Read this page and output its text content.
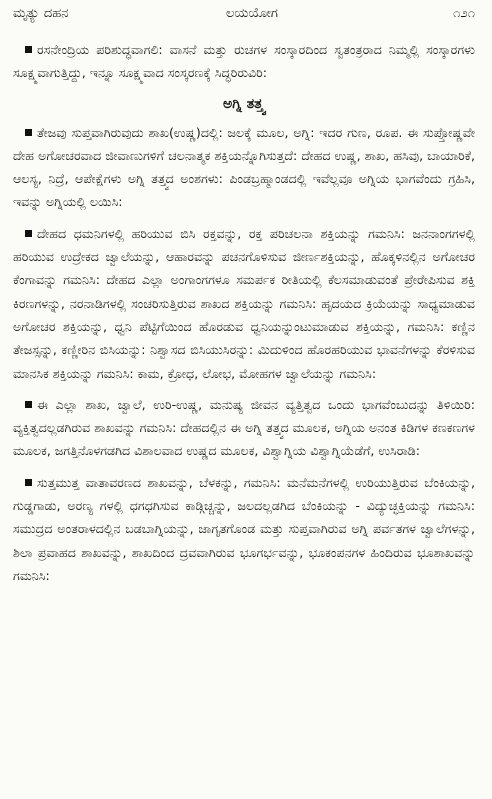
ಮೃತ್ಯು ದಹನ	ಲಯಯೋಗ	೧೨೧

ರಸನೇಂದ್ರಿಯ ಪರಿಶುದ್ಧವಾಗಲಿ: ವಾಸನೆ ಮತ್ತು ರುಚಗಳ ಸಂಸ್ಕಾರದಿಂದ ಸ್ವತಂತ್ರರಾದ ನಿಮ್ಮಲ್ಲಿ ಸಂಸ್ಕಾರಗಳು ಸೂಕ್ಷ್ಮವಾಗುತ್ತಿದ್ದು, ಇನ್ನೂ ಸೂಕ್ಷ್ಮವಾದ ಸಂಸ್ಕರಣಕ್ಕೆ ಸಿದ್ಧರಿರುವಿರಿ:

ಅಗ್ನಿ ತತ್ತ್ವ

ತೇಜವು ಸುಪ್ತವಾಗಿರುವುದು ಶಾಖ(ಉಷ್ಣ)ದಲ್ಲಿ: ಜಲಕ್ಕೆ ಮೂಲ, ಅಗ್ನಿ: ಇದರ ಗುಣ, ರೂಪ. ಈ ಸುಪ್ತೋಷ್ಣವೇ ದೇಹ ಅಗೋಚರವಾದ ಜೀವಾಣುಗಳಿಗೆ ಚಲನಾತ್ಮಕ ಶಕ್ತಿಯನ್ನೊಗಿಸುತ್ತದೆ: ದೇಹದ ಉಷ್ಣ, ಶಾಖ, ಹಸಿವು, ಬಾಯಾರಿಕೆ, ಆಲಸ್ಯ, ನಿದ್ರೆ, ಆಪೇಕ್ಷೆಗಳು ಅಗ್ನಿ ತತ್ತ್ವದ ಅಂಶಗಳು: ಪಿಂಡಬ್ರಹ್ಮಾಂಡದಲ್ಲಿ ಇವೆಲ್ಲವೂ ಅಗ್ನಿಯ ಭಾಗವೆಂದು ಗ್ರಹಿಸಿ, ಇವನ್ನು ಅಗ್ನಿಯಲ್ಲಿ ಲಯಿಸಿ:

ದೇಹದ ಧಮನಿಗಳಲ್ಲಿ ಹರಿಯುವ ಬಿಸಿ ರಕ್ತವನ್ನು, ರಕ್ತ ಪರಿಚಲನಾ ಶಕ್ತಿಯನ್ನು ಗಮನಿಸಿ: ಜನನಾಂಗಗಳಲ್ಲಿ ಹರಿಯುವ ಉದ್ರೇಕದ ಜ್ವಾಲೆಯನ್ನು, ಆಹಾರವನ್ನು ಪಚನಗೊಳಿಸುವ ಜೀರ್ಣಶಕ್ತಿಯನ್ನು, ಹೊಕ್ಕಳಿನಲ್ಲಿನ ಅಗೋಚರ ಕೆಂಗಾವನ್ನು ಗಮನಿಸಿ: ದೇಹದ ಎಲ್ಲಾ ಅಂಗಾಂಗಗಳೂ ಸಮರ್ಪಕ ರೀತಿಯಲ್ಲಿ ಕೆಲಸಮಾಡುವಂತೆ ಪ್ರೇರೇಪಿಸುವ ಶಕ್ತಿ ಕಿರಣಗಳನ್ನು, ನರನಾಡಿಗಳಲ್ಲಿ ಸಂಚರಿಸುತ್ತಿರುವ ಶಾಖದ ಶಕ್ತಿಯನ್ನು ಗಮನಿಸಿ: ಹೃದಯದ ಕ್ರಿಯೆಯನ್ನು ಸಾಧ್ಯಮಾಡುವ ಅಗೋಚರ ಶಕ್ತಿಯನ್ನು, ಧ್ವನಿ ಪೆಟ್ಟಿಗೆಯಿಂದ ಹೊರಡುವ ಧ್ವನಿಯನ್ನುಂಟುಮಾಡುವ ಶಕ್ತಿಯನ್ನು, ಗಮನಿಸಿ: ಕಣ್ಣಿನ ತೇಜಸ್ಸನ್ನು, ಕಣ್ಣೀರಿನ ಬಿಸಿಯನ್ನು: ನಿಶ್ವಾಸದ ಬಿಸಿಯುಸಿರನ್ನು: ಮಿದುಳಿಂದ ಹೊರಹರಿಯುವ ಭಾವನೆಗಳನ್ನು ಕೆರಳಿಸುವ ಮಾನಸಿಕ ಶಕ್ತಿಯನ್ನು ಗಮನಿಸಿ: ಕಾಮ, ಕ್ರೋಧ, ಲೋಭ, ಮೋಹಗಳ ಜ್ವಾಲೆಯನ್ನು ಗಮನಿಸಿ:

ಈ ಎಲ್ಲಾ ಶಾಖ, ಜ್ವಾಲೆ, ಉರಿ-ಉಷ್ಣ, ಮನುಷ್ಯ ಜೀವನ ವ್ಯತ್ತಿತ್ವದ ಒಂದು ಭಾಗವೆಂಬುದನ್ನು ತಿಳಿಯಿರಿ: ವ್ಯಕ್ತಿತ್ವದಲ್ಲಡಗಿರುವ ಶಾಖವನ್ನು ಗಮನಿಸಿ: ದೇಹದಲ್ಲಿನ ಈ ಅಗ್ನಿ ತತ್ತ್ವದ ಮೂಲಕ, ಅಗ್ನಿಯ ಅನಂತ ಕಿಡಿಗಳ ಕಣಕಣಗಳ ಮೂಲಕ, ಜಗತ್ತಿನೊಳಗಡಗಿದ ವಿಶಾಲವಾದ ಉಷ್ಣದ ಮೂಲಕ, ವಿಶ್ವಾಗ್ನಿಯ ವಿಶ್ವಾಗ್ನಿಯೆಡೆಗೆ, ಉಸಿರಾಡಿ:

ಸುತ್ತಮುತ್ತ ವಾತಾವರಣದ ಶಾಖವನ್ನು, ಬೆಳಕನ್ನು, ಗಮನಿಸಿ: ಮನೆಮನೆಗಳಲ್ಲಿ ಉರಿಯುತ್ತಿರುವ ಬೆಂಕಿಯನ್ನು, ಗುಡ್ಡಗಾಡು, ಅರಣ್ಯ ಗಳಲ್ಲಿ ಧಗಧಗಿಸುವ ಕಾಡ್ಗಿಚ್ಚನ್ನು, ಜಲದಲ್ಲಡಗಿದ ಬೆಂಕಿಯನ್ನು - ವಿದ್ಯುಚ್ಛಕ್ತಿಯನ್ನು ಗಮನಿಸಿ: ಸಮುದ್ರದ ಅಂತರಾಳದಲ್ಲಿನ ಬಡಬಾಗ್ನಿಯನ್ನು, ಜಾಗೃತಗೊಂಡ ಮತ್ತು ಸುಪ್ತವಾಗಿರುವ ಅಗ್ನಿ ಪರ್ವತಗಳ ಜ್ವಾಲೆಗಳನ್ನು, ಶಿಲಾ ಪ್ರವಾಹದ ಶಾಖವನ್ನು, ಶಾಖದಿಂದ ದ್ರವವಾಗಿರುವ ಭೂಗರ್ಭವನ್ನು, ಭೂಕಂಪನಗಳ ಹಿಂದಿರುವ ಭೂಶಾಖವನ್ನು ಗಮನಿಸಿ:
